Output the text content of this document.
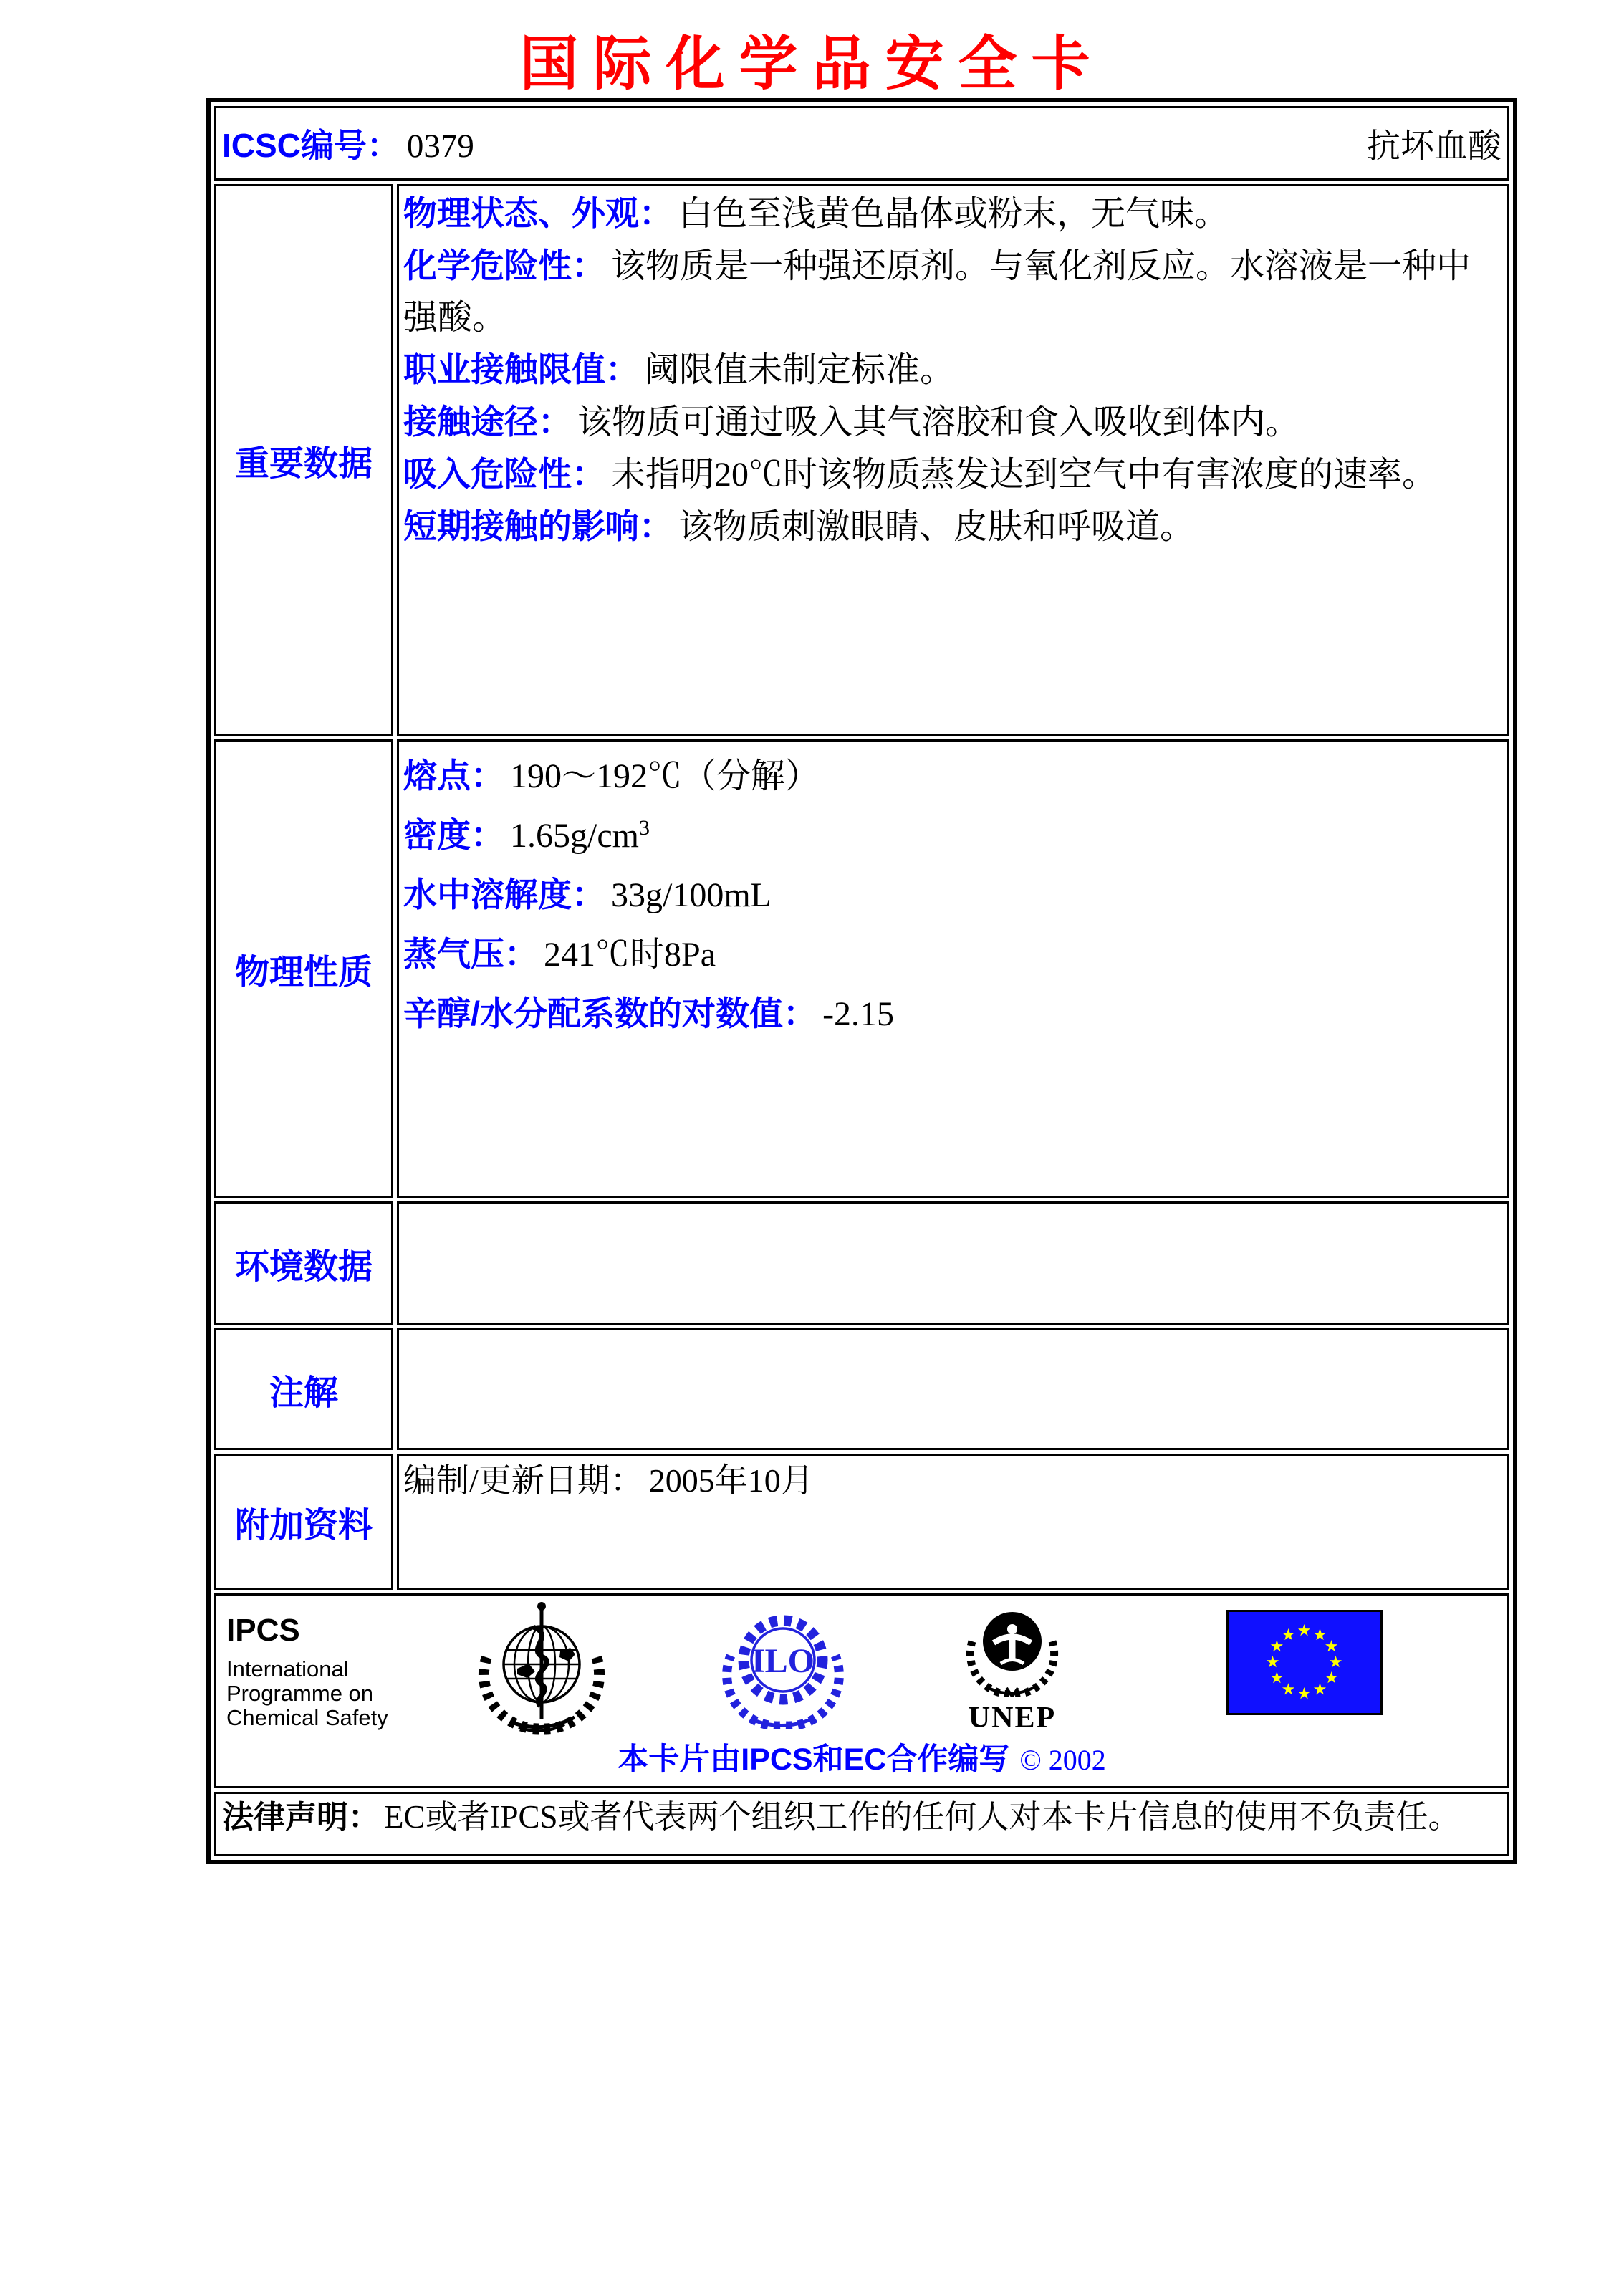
国际化学品安全卡
ICSC编号： 0379	抗坏血酸
重要数据
物理状态、外观： 白色至浅黄色晶体或粉末，无气味。
化学危险性： 该物质是一种强还原剂。与氧化剂反应。水溶液是一种中强酸。
职业接触限值： 阈限值未制定标准。
接触途径： 该物质可通过吸入其气溶胶和食入吸收到体内。
吸入危险性： 未指明20℃时该物质蒸发达到空气中有害浓度的速率。
短期接触的影响： 该物质刺激眼睛、皮肤和呼吸道。
物理性质
熔点： 190～192℃（分解）
密度： $1.65g/cm^3$
水中溶解度： 33g/100mL
蒸气压： 241℃时8Pa
辛醇/水分配系数的对数值： -2.15
环境数据
注解
附加资料
编制/更新日期： 2005年10月
IPCS
International
Programme on
Chemical Safety
ILO
UNEP
本卡片由IPCS和EC合作编写 © 2002
法律声明： EC或者IPCS或者代表两个组织工作的任何人对本卡片信息的使用不负责任。
